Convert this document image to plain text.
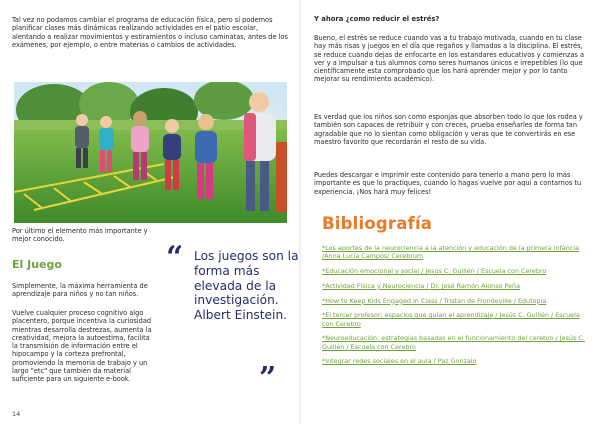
Tal vez no podamos cambiar el programa de educación física, pero sí podemos planificar clases más dinámicas realizando actividades en el patio escolar, alentando a realizar movimientos y estiramientos o incluso caminatas, antes de los exámenes, por ejemplo, o entre materias o cambios de actividades.

Por último el elemento más importante y mejor conocido.

El Juego

Simplemente, la máxima herramienta de aprendizaje para niños y no tan niños.

Vuelve cualquier proceso cognitivo algo placentero, porque incentiva la curiosidad mientras desarrolla destrezas, aumenta la creatividad, mejora la autoestima, facilita la transmisión de información entre el hipocampo y la corteza prefrontal, promoviendo la memoria de trabajo y un largo "etc" que también da material suficiente para un siguiente e-book.

“ Los juegos son la forma más elevada de la investigación. Albert Einstein.

”
14

Y ahora ¿como reducir el estrés?

Bueno, el estrés se reduce cuando vas a tu trabajo motivada, cuando en tu clase hay más risas y juegos en el día que regaños y llamados a la disciplina. El estrés, se reduce cuando dejas de enfocarte en los estandares educativos y comienzas a ver y a impulsar a tus alumnos como seres humanos únicos e irrepetibles (lo que científicamente esta comprobado que los hará aprender mejor y por lo tanto mejorar su rendimiento académico).

Es verdad que los niños son como esponjas que absorben todo lo que los rodea y también son capaces de retribuir y con creces, prueba enseñarles de forma tan agradable que no lo sientan como obligación y veras que te convertirás en ese maestro favorito que recordarán el resto de su vida.

Puedes descargar e imprimir este contenido para tenerlo a mano pero lo más importante es que lo practiques, cuando lo hagas vuelve por aquí a contarnos tu experiencia. ¡Nos hará muy felices!

Bibliografía
*Los aportes de la neurociencia a la atención y educación de la primera infancia /Anna Lucía Campos/ Cerebrum
*Educación emocional y social / Jesús C. Guillén / Escuela con Cerebro
*Actividad Física y Neurociencia / Dr. José Ramón Alonso Peña
*How to Keep Kids Engaged in Class / Tristan de Frondeville / Edutopia
*El tercer profesor: espacios que guían el aprendizaje / Jesús C. Guillén / Escuela con Cerebro
*Neuroeducación: estrategias basadas en el funcionamiento del cerebro / Jesús C. Guillén / Escuela con Cerebro
*Integrar redes sociales en el aula / Paz Gonzalo
